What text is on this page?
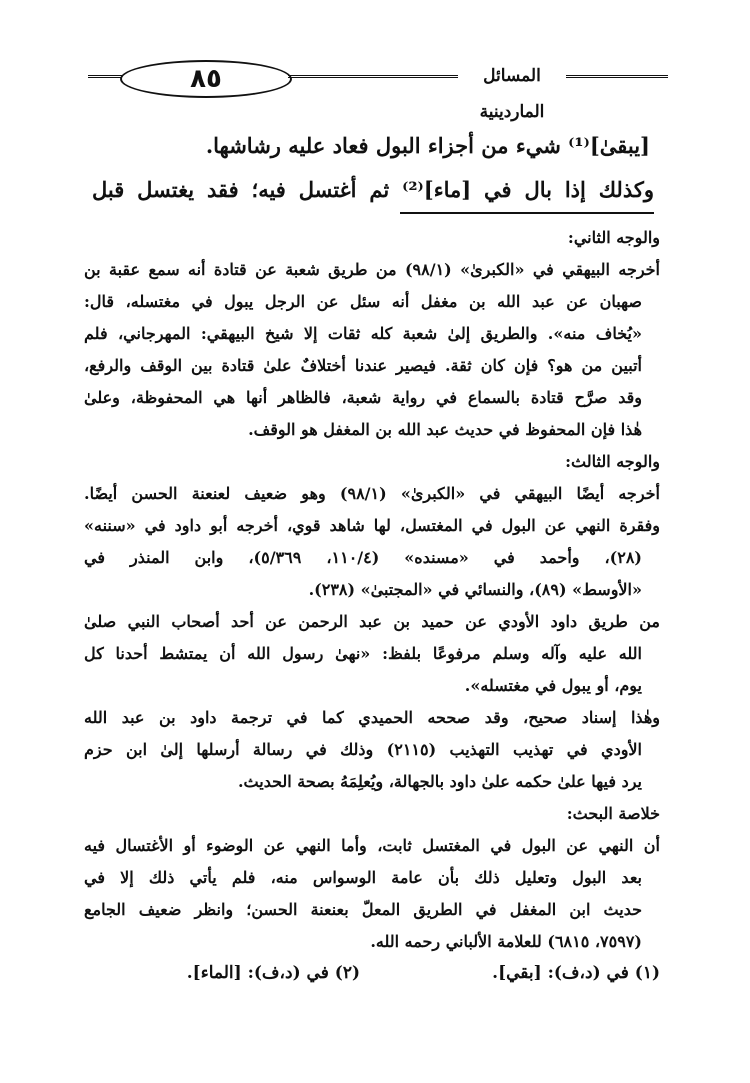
٨٥	المسائل الماردينية
[يبقىٰ]⁽¹⁾ شيء من أجزاء البول فعاد عليه رشاشها.
وكذلك إذا بال في [ماء]⁽²⁾ ثم أغتسل فيه؛ فقد يغتسل قبل
والوجه الثاني:
أخرجه البيهقي في «الكبرىٰ» (٩٨/١) من طريق شعبة عن قتادة أنه سمع عقبة بن
صهبان عن عبد الله بن مغفل أنه سئل عن الرجل يبول في مغتسله، قال:
«يُخاف منه». والطريق إلىٰ شعبة كله ثقات إلا شيخ البيهقي: المهرجاني، فلم
أتبين من هو؟ فإن كان ثقة. فيصير عندنا أختلافٌ علىٰ قتادة بين الوقف والرفع،
وقد صرَّح قتادة بالسماع في رواية شعبة، فالظاهر أنها هي المحفوظة، وعلىٰ
هٰذا فإن المحفوظ في حديث عبد الله بن المغفل هو الوقف.
والوجه الثالث:
أخرجه أيضًا البيهقي في «الكبرىٰ» (٩٨/١) وهو ضعيف لعنعنة الحسن أيضًا.
وفقرة النهي عن البول في المغتسل، لها شاهد قوي، أخرجه أبو داود في «سننه»
(٢٨)، وأحمد في «مسنده» (١١٠/٤، ٥/٣٦٩)، وابن المنذر في
«الأوسط» (٨٩)، والنسائي في «المجتبىٰ» (٢٣٨).
من طريق داود الأودي عن حميد بن عبد الرحمن عن أحد أصحاب النبي صلىٰ
الله عليه وآله وسلم مرفوعًا بلفظ: «نهىٰ رسول الله أن يمتشط أحدنا كل
يوم، أو يبول في مغتسله».
وهٰذا إسناد صحيح، وقد صححه الحميدي كما في ترجمة داود بن عبد الله
الأودي في تهذيب التهذيب (٢١١٥) وذلك في رسالة أرسلها إلىٰ ابن حزم
يرد فيها علىٰ حكمه علىٰ داود بالجهالة، ويُعلِمَهُ بصحة الحديث.
خلاصة البحث:
أن النهي عن البول في المغتسل ثابت، وأما النهي عن الوضوء أو الأغتسال فيه
بعد البول وتعليل ذلك بأن عامة الوسواس منه، فلم يأتي ذلك إلا في
حديث ابن المغفل في الطريق المعلّ بعنعنة الحسن؛ وانظر ضعيف الجامع
(٧٥٩٧، ٦٨١٥) للعلامة الألباني رحمه الله.
(١) في (د،ف): [بقي].
(٢) في (د،ف): [الماء].
